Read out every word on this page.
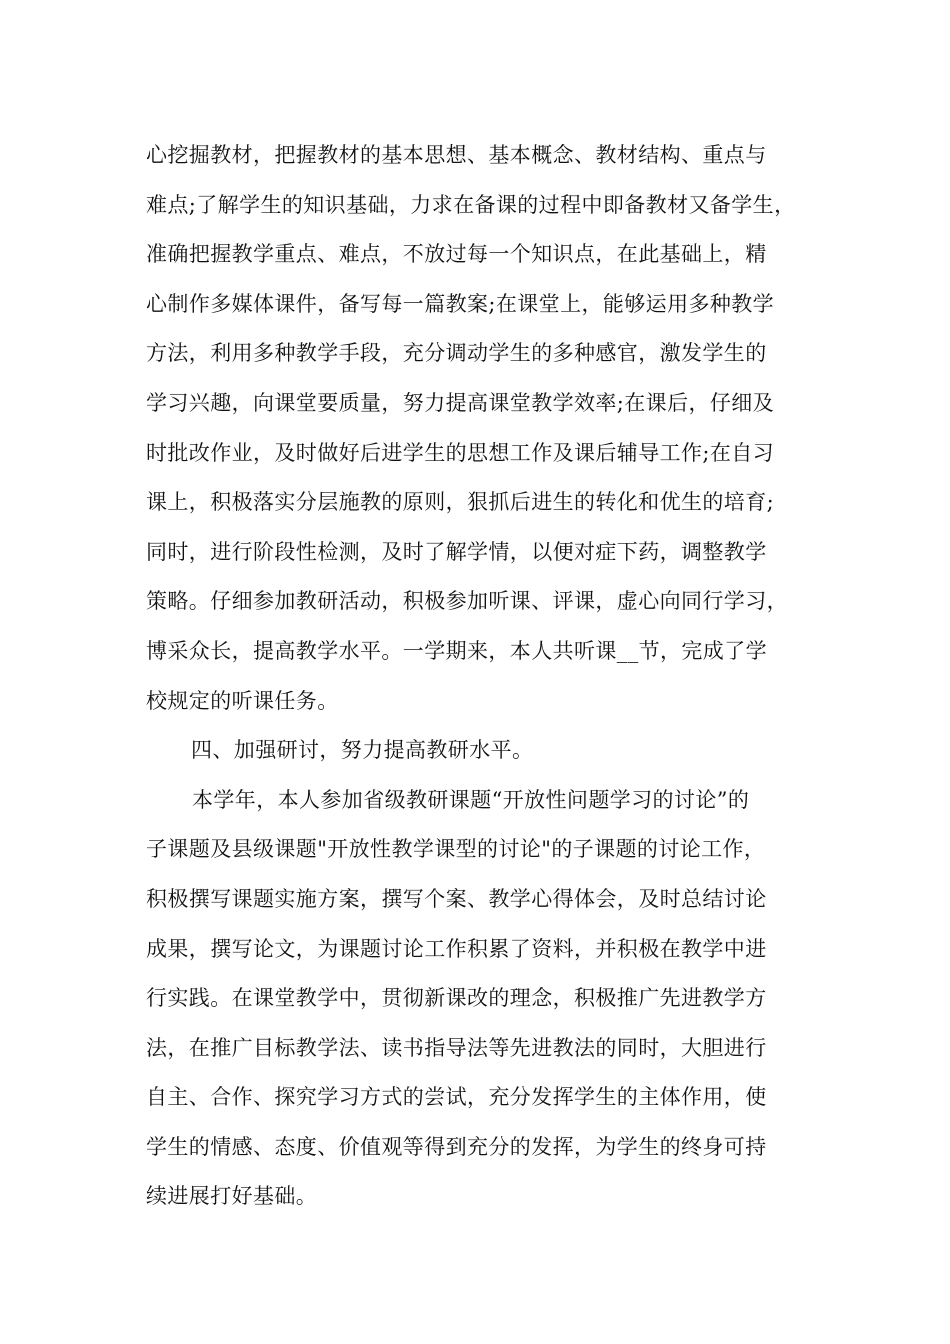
心挖掘教材，把握教材的基本思想、基本概念、教材结构、重点与
难点;了解学生的知识基础，力求在备课的过程中即备教材又备学生，
准确把握教学重点、难点，不放过每一个知识点，在此基础上，精
心制作多媒体课件，备写每一篇教案;在课堂上，能够运用多种教学
方法，利用多种教学手段，充分调动学生的多种感官，激发学生的
学习兴趣，向课堂要质量，努力提高课堂教学效率;在课后，仔细及
时批改作业，及时做好后进学生的思想工作及课后辅导工作;在自习
课上，积极落实分层施教的原则，狠抓后进生的转化和优生的培育;
同时，进行阶段性检测，及时了解学情，以便对症下药，调整教学
策略。仔细参加教研活动，积极参加听课、评课，虚心向同行学习，
博采众长，提高教学水平。一学期来，本人共听课__节，完成了学
校规定的听课任务。
四、加强研讨，努力提高教研水平。
本学年，本人参加省级教研课题“开放性问题学习的讨论”的
子课题及县级课题"开放性教学课型的讨论"的子课题的讨论工作，
积极撰写课题实施方案，撰写个案、教学心得体会，及时总结讨论
成果，撰写论文，为课题讨论工作积累了资料，并积极在教学中进
行实践。在课堂教学中，贯彻新课改的理念，积极推广先进教学方
法，在推广目标教学法、读书指导法等先进教法的同时，大胆进行
自主、合作、探究学习方式的尝试，充分发挥学生的主体作用，使
学生的情感、态度、价值观等得到充分的发挥，为学生的终身可持
续进展打好基础。
